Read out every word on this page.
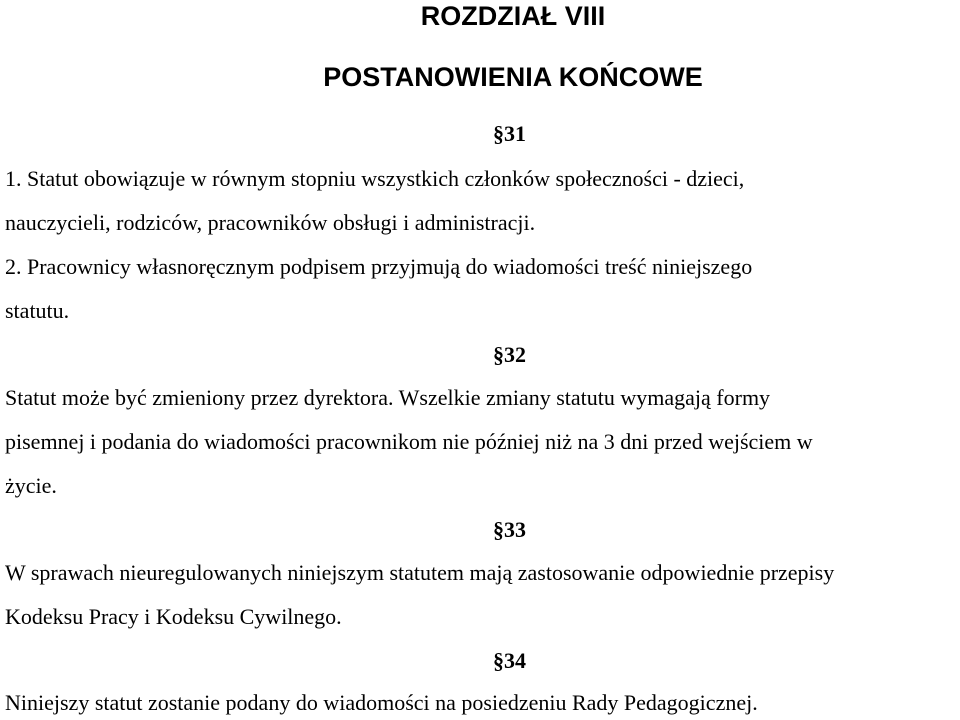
ROZDZIAŁ VIII
POSTANOWIENIA KOŃCOWE

§31

1. Statut obowiązuje w równym stopniu wszystkich członków społeczności - dzieci,

nauczycieli, rodziców, pracowników obsługi i administracji.

2. Pracownicy własnoręcznym podpisem przyjmują do wiadomości treść niniejszego

statutu.

§32

Statut może być zmieniony przez dyrektora. Wszelkie zmiany statutu wymagają formy

pisemnej i podania do wiadomości pracownikom nie później niż na 3 dni przed wejściem w

życie.

§33

W sprawach nieuregulowanych niniejszym statutem mają zastosowanie odpowiednie przepisy

Kodeksu Pracy i Kodeksu Cywilnego.

§34

Niniejszy statut zostanie podany do wiadomości na posiedzeniu Rady Pedagogicznej.
